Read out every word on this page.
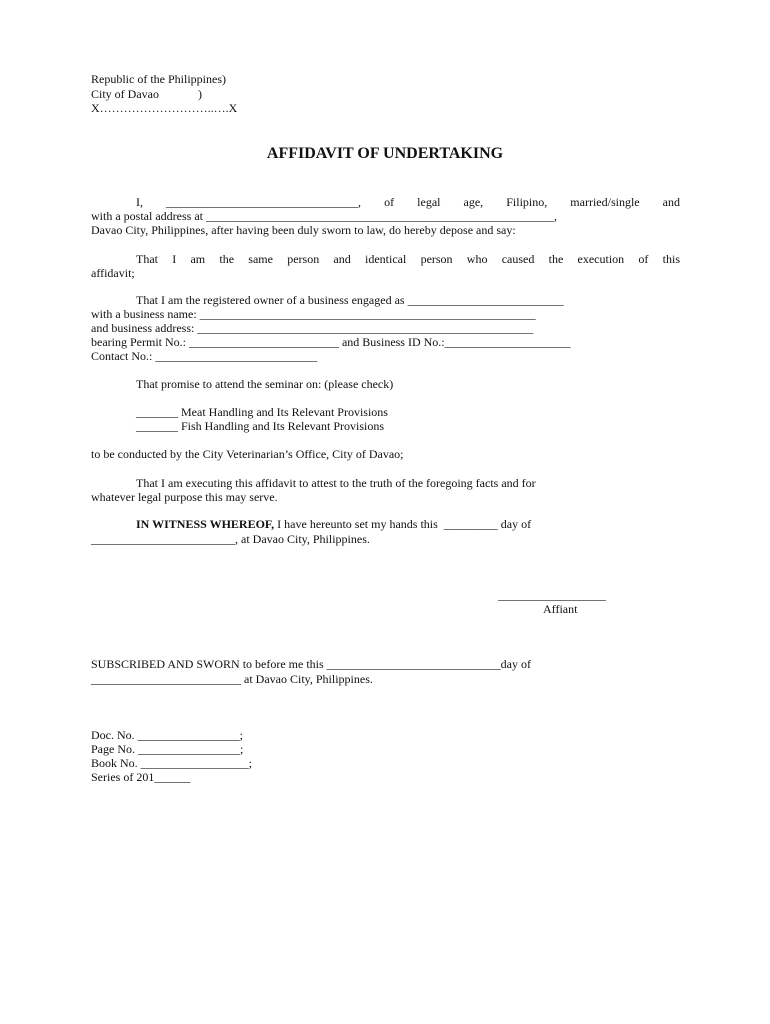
Republic of the Philippines)
City of Davao             )
X………………………..….X
AFFIDAVIT OF UNDERTAKING
I, ________________________________, of legal age, Filipino, married/single and
with a postal address at __________________________________________________________,
Davao City, Philippines, after having been duly sworn to law, do hereby depose and say:
That I am the same person and identical person who caused the execution of this
affidavit;
That I am the registered owner of a business engaged as __________________________
with a business name: ________________________________________________________
and business address: ________________________________________________________
bearing Permit No.: _________________________ and Business ID No.:_____________________
Contact No.: ___________________________
That promise to attend the seminar on: (please check)
_______ Meat Handling and Its Relevant Provisions
_______ Fish Handling and Its Relevant Provisions
to be conducted by the City Veterinarian’s Office, City of Davao;
That I am executing this affidavit to attest to the truth of the foregoing facts and for
whatever legal purpose this may serve.
IN WITNESS WHEREOF, I have hereunto set my hands this  _________ day of
________________________, at Davao City, Philippines.
__________________
Affiant
SUBSCRIBED AND SWORN to before me this _____________________________day of
_________________________ at Davao City, Philippines.
Doc. No. _________________;
Page No. _________________;
Book No. __________________;
Series of 201______
